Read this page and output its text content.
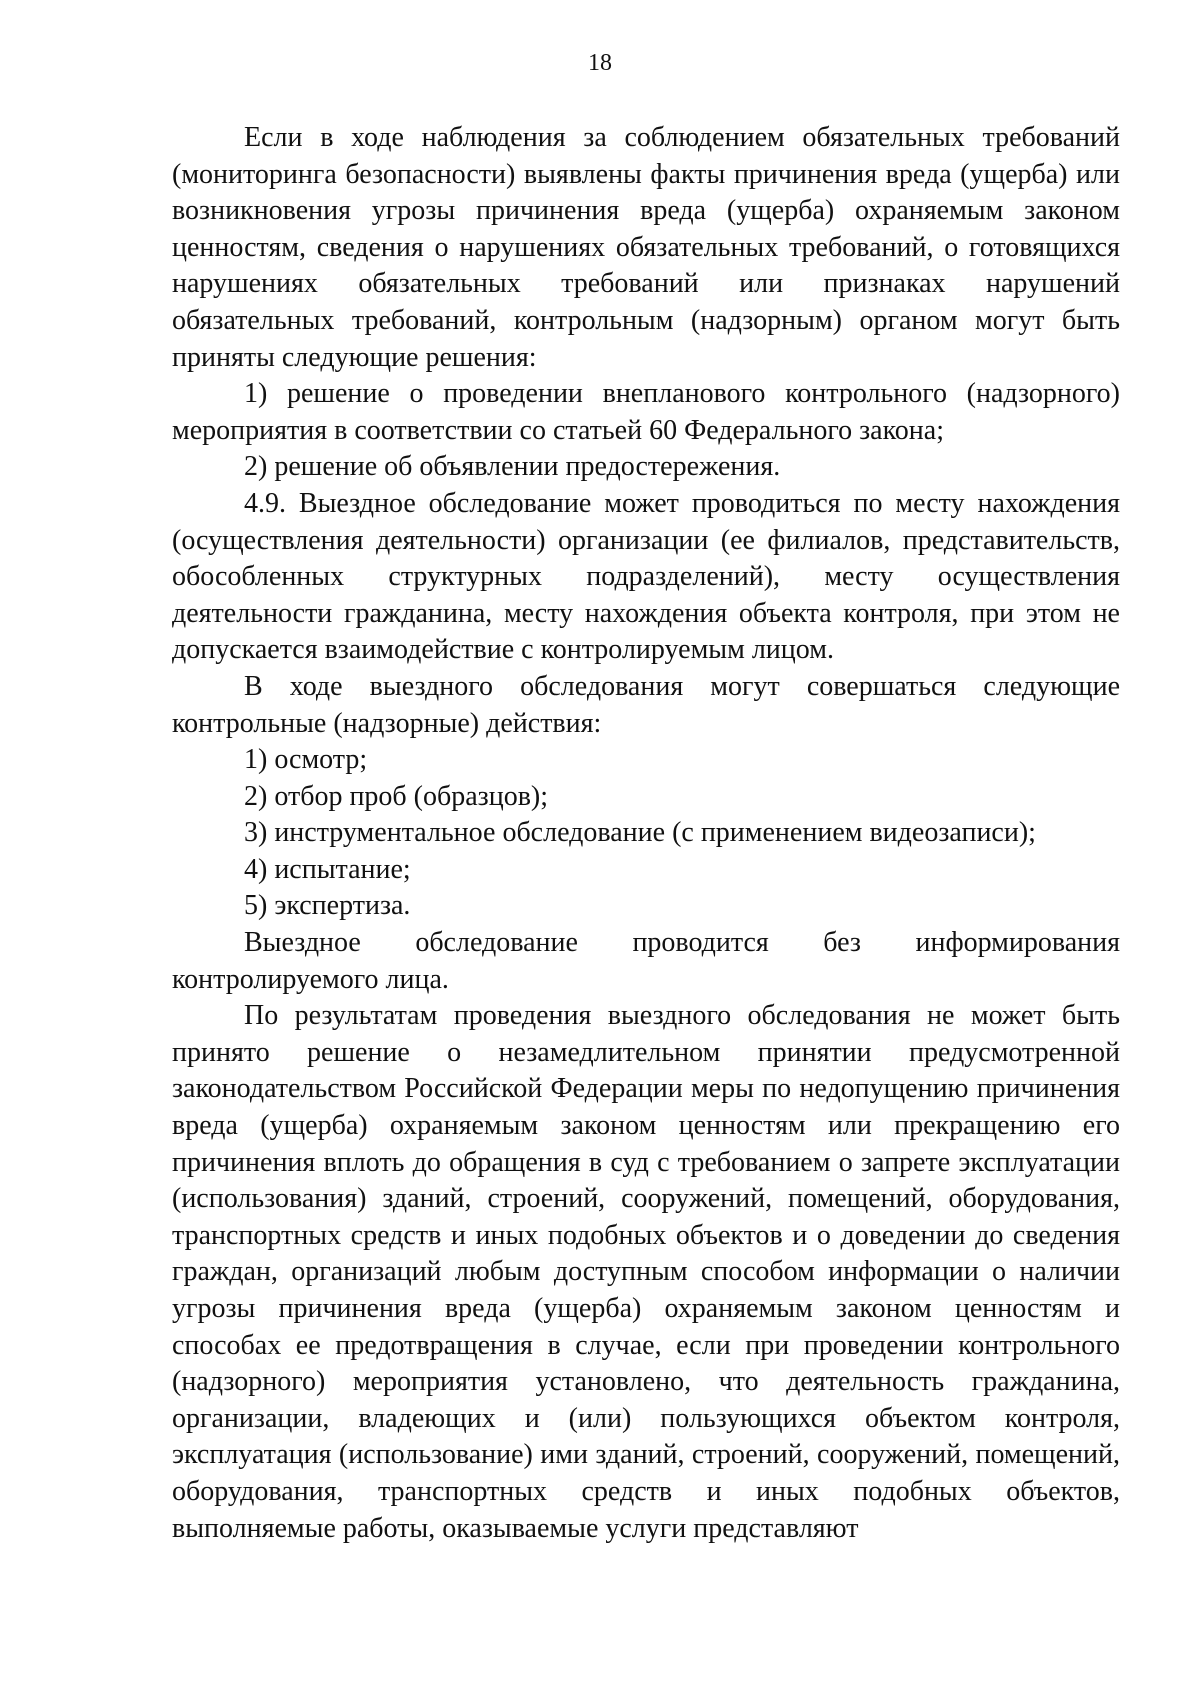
18

Если в ходе наблюдения за соблюдением обязательных требований (мониторинга безопасности) выявлены факты причинения вреда (ущерба) или возникновения угрозы причинения вреда (ущерба) охраняемым законом ценностям, сведения о нарушениях обязательных требований, о готовящихся нарушениях обязательных требований или признаках нарушений обязательных требований, контрольным (надзорным) органом могут быть приняты следующие решения:

1) решение о проведении внепланового контрольного (надзорного) мероприятия в соответствии со статьей 60 Федерального закона;

2) решение об объявлении предостережения.

4.9. Выездное обследование может проводиться по месту нахождения (осуществления деятельности) организации (ее филиалов, представительств, обособленных структурных подразделений), месту осуществления деятельности гражданина, месту нахождения объекта контроля, при этом не допускается взаимодействие с контролируемым лицом.

В ходе выездного обследования могут совершаться следующие контрольные (надзорные) действия:

1) осмотр;

2) отбор проб (образцов);

3) инструментальное обследование (с применением видеозаписи);

4) испытание;

5) экспертиза.

Выездное обследование проводится без информирования контролируемого лица.

По результатам проведения выездного обследования не может быть принято решение о незамедлительном принятии предусмотренной законодательством Российской Федерации меры по недопущению причинения вреда (ущерба) охраняемым законом ценностям или прекращению его причинения вплоть до обращения в суд с требованием о запрете эксплуатации (использования) зданий, строений, сооружений, помещений, оборудования, транспортных средств и иных подобных объектов и о доведении до сведения граждан, организаций любым доступным способом информации о наличии угрозы причинения вреда (ущерба) охраняемым законом ценностям и способах ее предотвращения в случае, если при проведении контрольного (надзорного) мероприятия установлено, что деятельность гражданина, организации, владеющих и (или) пользующихся объектом контроля, эксплуатация (использование) ими зданий, строений, сооружений, помещений, оборудования, транспортных средств и иных подобных объектов, выполняемые работы, оказываемые услуги представляют
